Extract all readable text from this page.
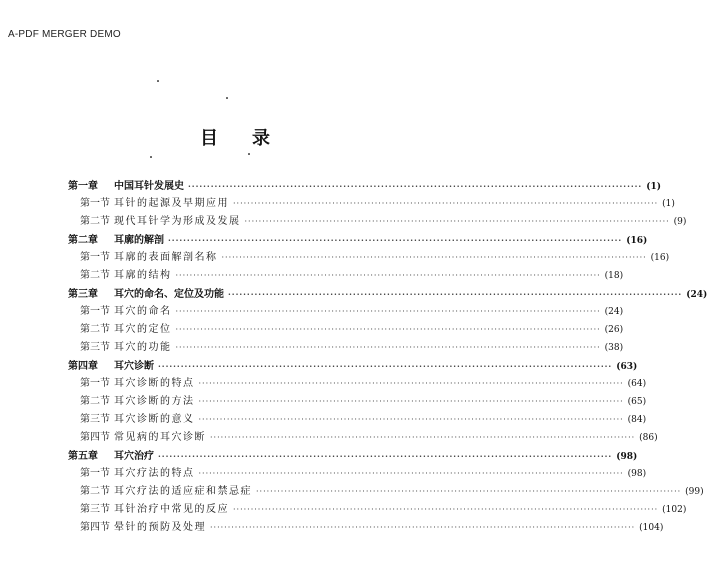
A-PDF MERGER DEMO
目 录
第一章	中国耳针发展史 ························································································································ (1)
第一节 耳针的起源及早期应用 ························································································································ (1)
第二节 现代耳针学为形成及发展 ························································································································ (9)
第二章	耳廓的解剖 ························································································································ (16)
第一节 耳廓的表面解剖名称 ························································································································ (16)
第二节 耳廓的结构 ························································································································ (18)
第三章	耳穴的命名、定位及功能 ························································································································ (24)
第一节 耳穴的命名 ························································································································ (24)
第二节 耳穴的定位 ························································································································ (26)
第三节 耳穴的功能 ························································································································ (38)
第四章	耳穴诊断 ························································································································ (63)
第一节 耳穴诊断的特点 ························································································································ (64)
第二节 耳穴诊断的方法 ························································································································ (65)
第三节 耳穴诊断的意义 ························································································································ (84)
第四节 常见病的耳穴诊断 ························································································································ (86)
第五章	耳穴治疗 ························································································································ (98)
第一节 耳穴疗法的特点 ························································································································ (98)
第二节 耳穴疗法的适应症和禁忌症 ························································································································ (99)
第三节 耳针治疗中常见的反应 ························································································································ (102)
第四节 晕针的预防及处理 ························································································································ (104)
